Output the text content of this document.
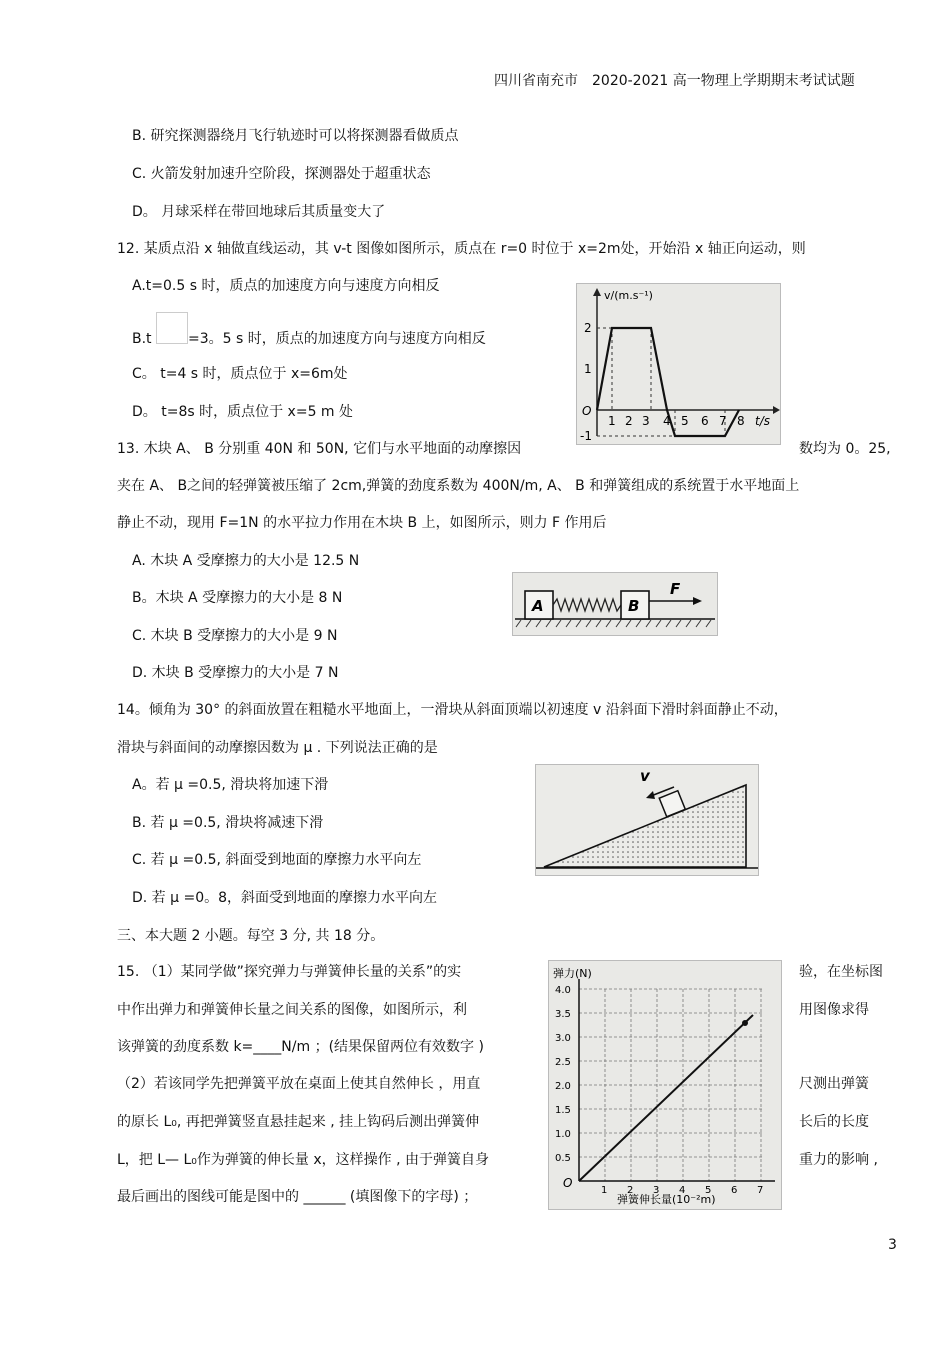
四川省南充市　2020-2021 高一物理上学期期末考试试题
B. 研究探测器绕月飞行轨迹时可以将探测器看做质点
C. 火箭发射加速升空阶段，探测器处于超重状态
D。 月球采样在带回地球后其质量变大了
12. 某质点沿 x 轴做直线运动，其 v-t 图像如图所示，质点在 r=0 时位于 x=2m处，开始沿 x 轴正向运动，则
A.t=0.5 s 时，质点的加速度方向与速度方向相反
B.t	=3。5 s 时，质点的加速度方向与速度方向相反
C。 t=4 s 时，质点位于 x=6m处
D。 t=8s 时，质点位于 x=5 m 处
v/(m.s⁻¹)
O
t/s
2
1
-1
1 2 3 4 5 6 7 8
13. 木块 A、 B 分别重 40N 和 50N, 它们与水平地面的动摩擦因	数均为 0。25,
夹在 A、 B之间的轻弹簧被压缩了 2cm,弹簧的劲度系数为 400N/m, A、 B 和弹簧组成的系统置于水平地面上
静止不动，现用 F=1N 的水平拉力作用在木块 B 上，如图所示，则力 F 作用后
A. 木块 A 受摩擦力的大小是 12.5 N
B。木块 A 受摩擦力的大小是 8 N
C. 木块 B 受摩擦力的大小是 9 N
D. 木块 B 受摩擦力的大小是 7 N
A	B
F
14。倾角为 30° 的斜面放置在粗糙水平地面上，一滑块从斜面顶端以初速度 v 沿斜面下滑时斜面静止不动，
滑块与斜面间的动摩擦因数为 μ . 下列说法正确的是
A。若 μ =0.5, 滑块将加速下滑
B. 若 μ =0.5, 滑块将减速下滑
C. 若 μ =0.5, 斜面受到地面的摩擦力水平向左
D. 若 μ =0。8，斜面受到地面的摩擦力水平向左
v
三、本大题 2 小题。每空 3 分, 共 18 分。
15. （1）某同学做”探究弹力与弹簧伸长量的关系”的实	验，在坐标图
中作出弹力和弹簧伸长量之间关系的图像，如图所示，利	用图像求得
该弹簧的劲度系数 k=____N/m ；(结果保留两位有效数字 )
（2）若该同学先把弹簧平放在桌面上使其自然伸长 ，用直	尺测出弹簧
的原长 L₀, 再把弹簧竖直悬挂起来 , 挂上钩码后测出弹簧伸	长后的长度
L，把 L— L₀作为弹簧的伸长量 x，这样操作 , 由于弹簧自身	重力的影响 ,
最后画出的图线可能是图中的 ______ (填图像下的字母) ；
弹力(N)
O
弹簧伸长量(10⁻²m)
4.0
3.5
3.0
2.5
2.0
1.5
1.0
0.5
1 2 3 4 5 6 7
3
